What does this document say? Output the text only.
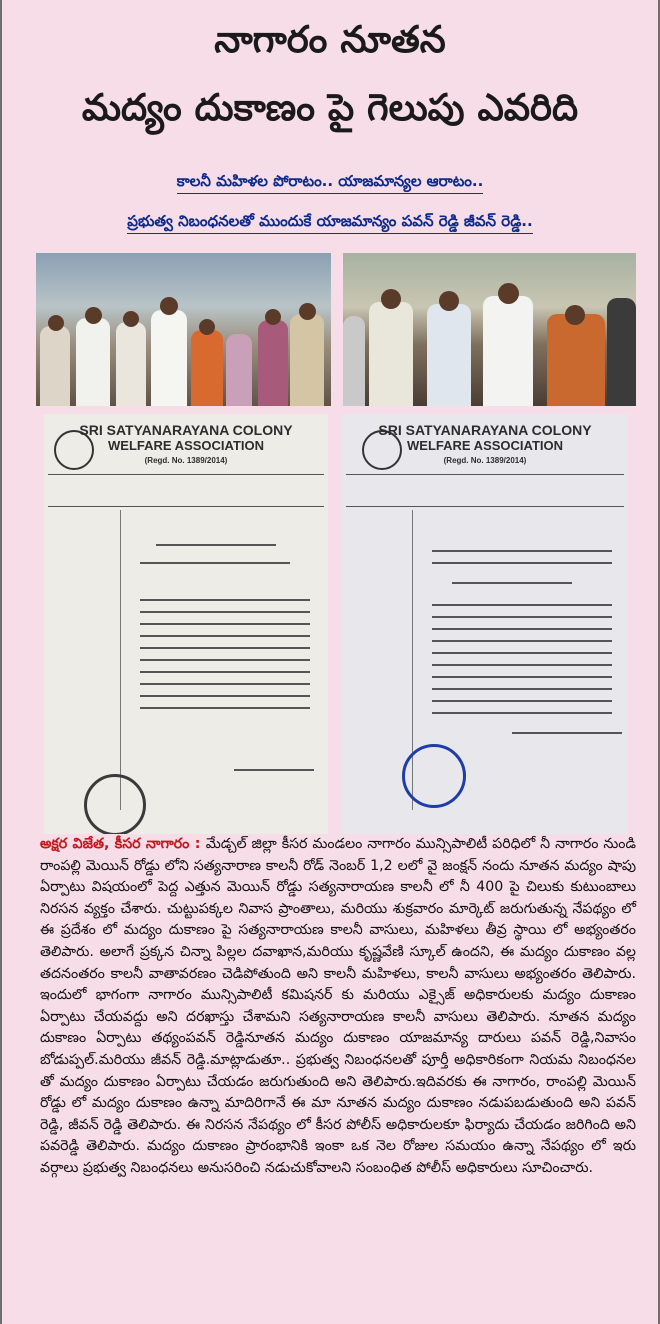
నాగారం నూతన
మద్యం దుకాణం పై గెలుపు ఎవరిది
కాలనీ మహిళల పోరాటం.. యాజమాన్యల ఆరాటం..
ప్రభుత్వ నిబంధనలతో ముందుకే యాజమాన్యం పవన్ రెడ్డి జీవన్ రెడ్డి..
SRI SATYANARAYANA COLONY
WELFARE ASSOCIATION
(Regd. No. 1389/2014)
SRI SATYANARAYANA COLONY
WELFARE ASSOCIATION
(Regd. No. 1389/2014)
అక్షర విజేత, కీసర నాగారం : మేడ్చల్ జిల్లా కీసర మండలం నాగారం మున్సిపాలిటీ పరిధిలో నీ నాగారం నుండి రాంపల్లి మెయిన్ రోడ్డు లోని సత్యనారాణ కాలనీ రోడ్ నెంబర్ 1,2 లలో వై జంక్షన్ నందు నూతన మద్యం షాపు ఏర్పాటు విషయంలో పెద్ద ఎత్తున మెయిన్ రోడ్డు సత్యనారాయణ కాలనీ లో నీ 400 పై చిలుకు కుటుంబాలు నిరసన వ్యక్తం చేశారు. చుట్టుపక్కల నివాస ప్రాంతాలు, మరియు శుక్రవారం మార్కెట్ జరుగుతున్న నేపథ్యం లో ఈ ప్రదేశం లో మద్యం దుకాణం పై సత్యనారాయణ కాలనీ వాసులు, మహిళలు తీవ్ర స్థాయి లో అభ్యంతరం తెలిపారు. అలాగే ప్రక్కన చిన్నా పిల్లల దవాఖాన,మరియు కృష్ణవేణి స్కూల్ ఉందని, ఈ మద్యం దుకాణం వల్ల తదనంతరం కాలనీ వాతావరణం చెడిపోతుంది అని కాలనీ మహిళలు, కాలనీ వాసులు అభ్యంతరం తెలిపారు. ఇందులో భాగంగా నాగారం మున్సిపాలిటీ కమిషనర్ కు మరియు ఎక్సైజ్ అధికారులకు మద్యం దుకాణం ఏర్పాటు చేయవద్దు అని దరఖాస్తు చేశామని సత్యనారాయణ కాలనీ వాసులు తెలిపారు. నూతన మద్యం దుకాణం ఏర్పాటు తథ్యంపవన్ రెడ్డినూతన మద్యం దుకాణం యాజమాన్య దారులు పవన్ రెడ్డి,నివాసం బోడుప్పల్.మరియు జీవన్ రెడ్డి.మాట్లాడుతూ.. ప్రభుత్వ నిబంధనలతో పూర్తీ అధికారికంగా నియమ నిబంధనల తో మద్యం దుకాణం ఏర్పాటు చేయడం జరుగుతుంది అని తెలిపారు.ఇదివరకు ఈ నాగారం, రాంపల్లి మెయిన్ రోడ్డు లో మద్యం దుకాణం ఉన్నా మాదిరిగానే ఈ మా నూతన మద్యం దుకాణం నడుపబడుతుంది అని పవన్ రెడ్డి, జీవన్ రెడ్డి తెలిపారు. ఈ నిరసన నేపథ్యం లో కీసర పోలీస్ అధికారులకూ ఫిర్యాదు చేయడం జరిగింది అని పవరెడ్డి తెలిపారు. మద్యం దుకాణం ప్రారంభానికి ఇంకా ఒక నెల రోజుల సమయం ఉన్నా నేపథ్యం లో ఇరు వర్గాలు ప్రభుత్వ నిబంధనలు అనుసరించి నడుచుకోవాలని సంబంధిత పోలీస్ అధికారులు సూచించారు.
